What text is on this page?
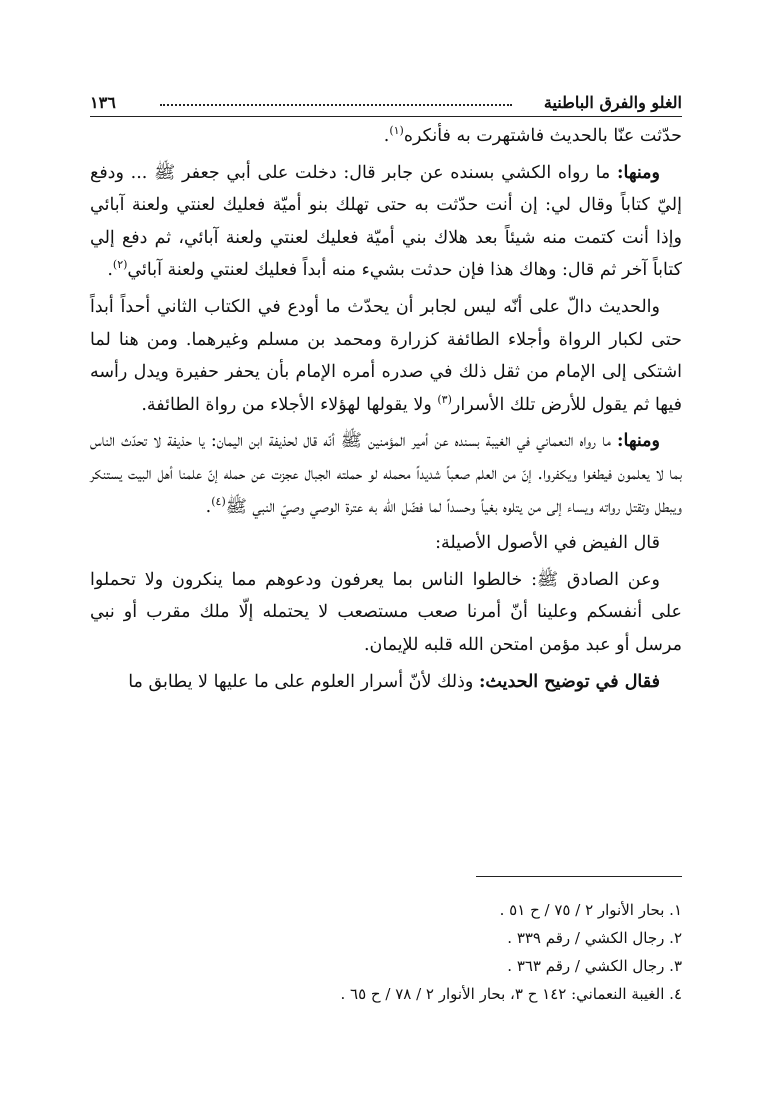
الغلو والفرق الباطنية
١٣٦

حدّثت عنّا بالحديث فاشتهرت به فأنكره$^{(١)}$.

ومنها: ما رواه الكشي بسنده عن جابر قال: دخلت على أبي جعفر ﷺ ... ودفع إليّ كتاباً وقال لي: إن أنت حدّثت به حتى تهلك بنو أميّة فعليك لعنتي ولعنة آبائي وإذا أنت كتمت منه شيئاً بعد هلاك بني أميّة فعليك لعنتي ولعنة آبائي، ثم دفع إلي كتاباً آخر ثم قال: وهاك هذا فإن حدثت بشيء منه أبداً فعليك لعنتي ولعنة آبائي$^{(٢)}$.

والحديث دالّ على أنّه ليس لجابر أن يحدّث ما أودع في الكتاب الثاني أحداً أبداً حتى لكبار الرواة وأجلاء الطائفة كزرارة ومحمد بن مسلم وغيرهما. ومن هنا لما اشتكى إلى الإمام من ثقل ذلك في صدره أمره الإمام بأن يحفر حفيرة ويدل رأسه فيها ثم يقول للأرض تلك الأسرار$^{(٣)}$ ولا يقولها لهؤلاء الأجلاء من رواة الطائفة.

ومنها: ما رواه النعماني في الغيبة بسنده عن أمير المؤمنين ﷺ أنّه قال لحذيفة ابن اليمان: يا حذيفة لا تحدّث الناس بما لا يعلمون فيطغوا ويكفروا. إنّ من العلم صعباً شديداً محمله لو حملته الجبال عجزت عن حمله إنّ علمنا أهل البيت يستنكر ويبطل وتقتل رواته ويساء إلى من يتلوه بغياً وحسداً لما فضّل الله به عترة الوصي وصيّ النبي ﷺ$^{(٤)}$.

قال الفيض في الأصول الأصيلة:

وعن الصادق ﷺ: خالطوا الناس بما يعرفون ودعوهم مما ينكرون ولا تحملوا على أنفسكم وعلينا أنّ أمرنا صعب مستصعب لا يحتمله إلّا ملك مقرب أو نبي مرسل أو عبد مؤمن امتحن الله قلبه للإيمان.

فقال في توضيح الحديث: وذلك لأنّ أسرار العلوم على ما عليها لا يطابق ما

١. بحار الأنوار ٢ / ٧٥ / ح ٥١ .
٢. رجال الكشي / رقم ٣٣٩ .
٣. رجال الكشي / رقم ٣٦٣ .
٤. الغيبة النعماني: ١٤٢ ح ٣، بحار الأنوار ٢ / ٧٨ / ح ٦٥ .
